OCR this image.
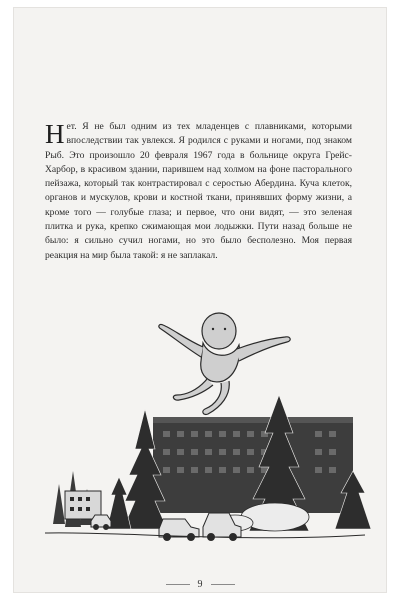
Нет. Я не был одним из тех младенцев с плавниками, которыми впоследствии так увлекся. Я родился с руками и ногами, под знаком Рыб. Это произошло 20 февраля 1967 года в больнице округа Грейс-Харбор, в красивом здании, парившем над холмом на фоне пасторального пейзажа, который так контрастировал с серостью Абердина. Куча клеток, органов и мускулов, крови и костной ткани, принявших форму жизни, а кроме того — голубые глаза; и первое, что они видят, — это зеленая плитка и рука, крепко сжимающая мои лодыжки. Пути назад больше не было: я сильно сучил ногами, но это было бесполезно. Моя первая реакция на мир была такой: я не заплакал.
9
